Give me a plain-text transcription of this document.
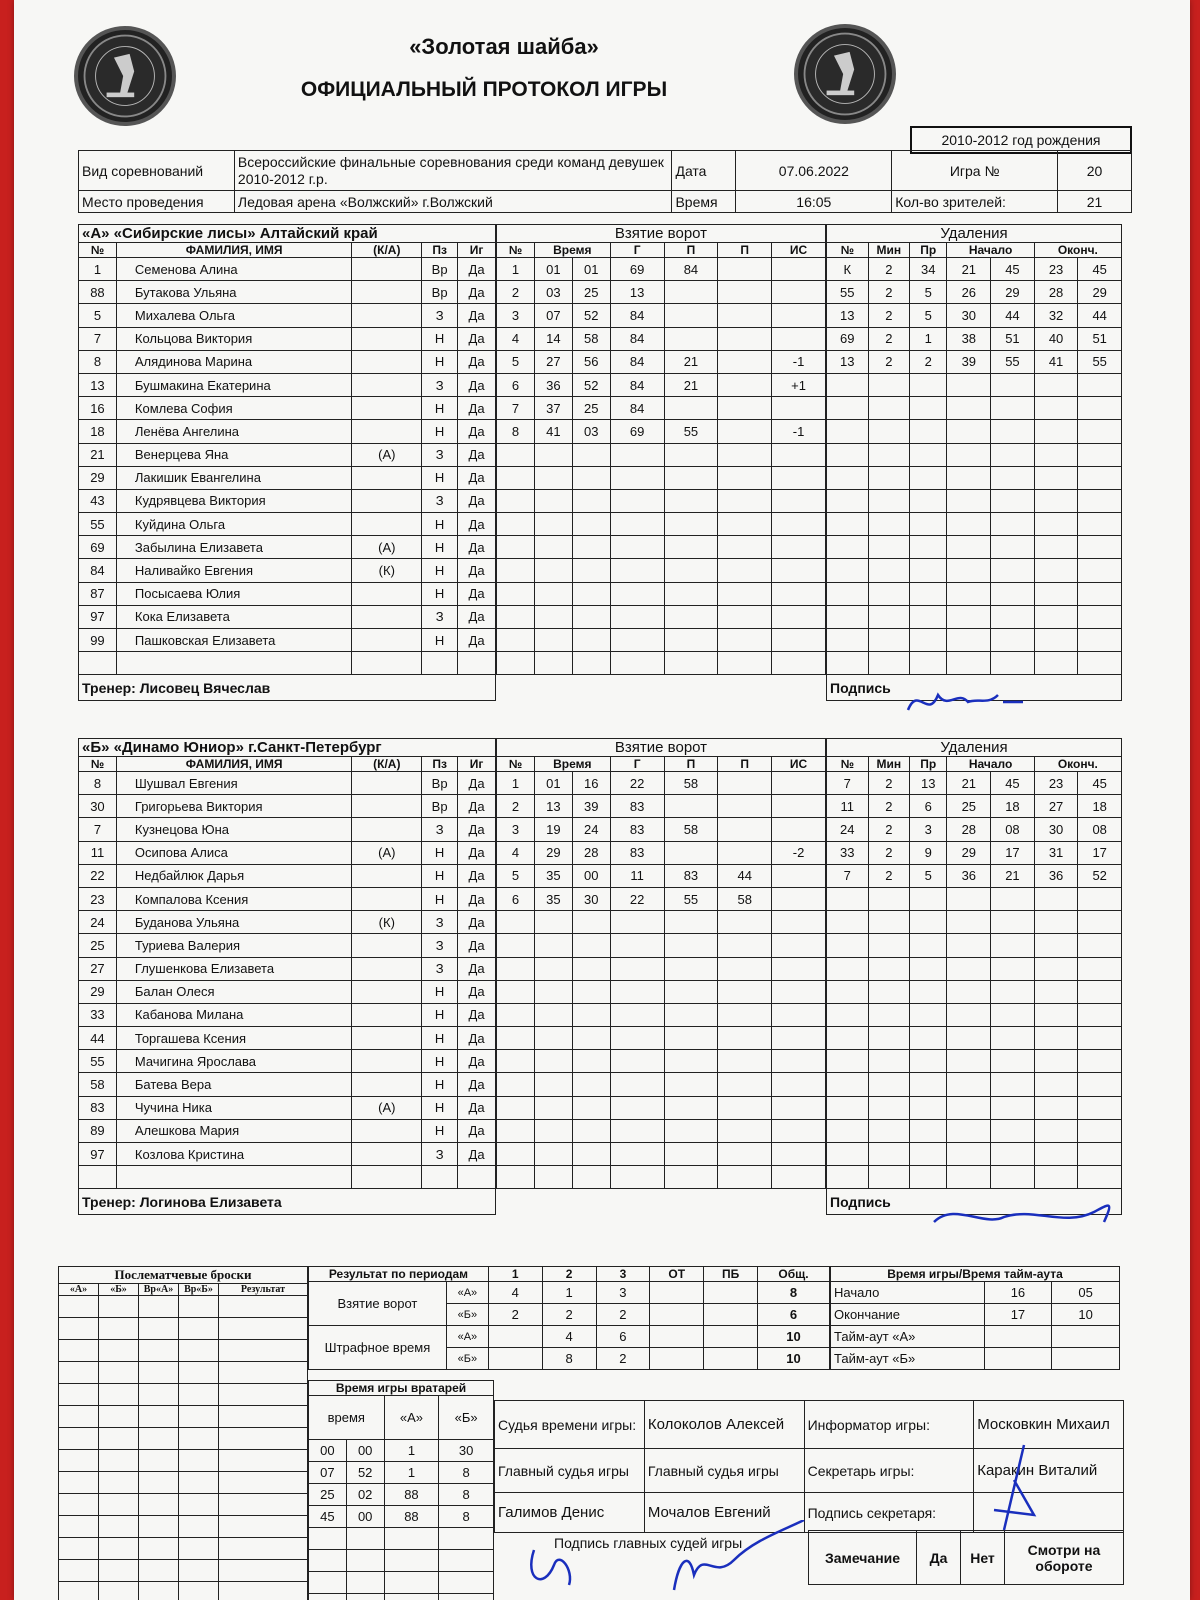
«Золотая шайба»
ОФИЦИАЛЬНЫЙ ПРОТОКОЛ ИГРЫ
2010-2012 год рождения
Вид соревнований	Всероссийские финальные соревнования среди команд девушек 2010-2012 г.р.	Дата	07.06.2022	Игра №	20
Место проведения	Ледовая арена «Волжский» г.Волжский	Время	16:05	Кол-во зрителей:	21
«А» «Сибирские лисы» Алтайский край				
№	ФАМИЛИЯ, ИМЯ	(К/А)	Пз	Иг
1	Семенова Алина		Вр	Да
88	Бутакова Ульяна		Вр	Да
5	Михалева Ольга		З	Да
7	Кольцова Виктория		Н	Да
8	Алядинова Марина		Н	Да
13	Бушмакина Екатерина		З	Да
16	Комлева София		Н	Да
18	Ленёва Ангелина		Н	Да
21	Венерцева Яна	(А)	З	Да
29	Лакишик Евангелина		Н	Да
43	Кудрявцева Виктория		З	Да
55	Куйдина Ольга		Н	Да
69	Забылина Елизавета	(А)	Н	Да
84	Наливайко Евгения	(К)	Н	Да
87	Посысаева Юлия		Н	Да
97	Кока Елизавета		З	Да
99	Пашковская Елизавета		Н	Да

Тренер: Лисовец Вячеслав				
Взятие ворот						
№	Время		Г	П	П	ИС
1	01	01	69	84		
2	03	25	13			
3	07	52	84			
4	14	58	84			
5	27	56	84	21		-1
6	36	52	84	21		+1
7	37	25	84			
8	41	03	69	55		-1

Удаления						
№	Мин	Пр	Начало		Оконч.	
К	2	34	21	45	23	45
55	2	5	26	29	28	29
13	2	5	30	44	32	44
69	2	1	38	51	40	51
13	2	2	39	55	41	55

Подпись						
«Б» «Динамо Юниор» г.Санкт-Петербург				
№	ФАМИЛИЯ, ИМЯ	(К/А)	Пз	Иг
8	Шушвал Евгения		Вр	Да
30	Григорьева Виктория		Вр	Да
7	Кузнецова Юна		З	Да
11	Осипова Алиса	(А)	Н	Да
22	Недбайлюк Дарья		Н	Да
23	Компалова Ксения		Н	Да
24	Буданова Ульяна	(К)	З	Да
25	Туриева Валерия		З	Да
27	Глушенкова Елизавета		З	Да
29	Балан Олеся		Н	Да
33	Кабанова Милана		Н	Да
44	Торгашева Ксения		Н	Да
55	Мачигина Ярослава		Н	Да
58	Батева Вера		Н	Да
83	Чучина Ника	(А)	Н	Да
89	Алешкова Мария		Н	Да
97	Козлова Кристина		З	Да

Тренер: Логинова Елизавета				
Взятие ворот						
№	Время		Г	П	П	ИС
1	01	16	22	58		
2	13	39	83			
3	19	24	83	58		
4	29	28	83			-2
5	35	00	11	83	44	
6	35	30	22	55	58	

Удаления						
№	Мин	Пр	Начало		Оконч.	
7	2	13	21	45	23	45
11	2	6	25	18	27	18
24	2	3	28	08	30	08
33	2	9	29	17	31	17
7	2	5	36	21	36	52

Подпись						
Послематчевые броски				
«А»	«Б»	Вр«А»	Вр«Б»	Результат

Результат по периодам		1	2	3	ОТ	ПБ	Общ.
Взятие ворот	«А»	4	1	3			8
	«Б»	2	2	2			6
Штрафное время	«А»		4	6			10
	«Б»		8	2			10
Время игры/Время тайм-аута		
Начало	16	05
Окончание	17	10
Тайм-аут «А»		
Тайм-аут «Б»		
Время игры вратарей			
время		«А»	«Б»
00	00	1	30
07	52	1	8
25	02	88	8
45	00	88	8

Судья времени игры:	Колоколов Алексей	Информатор игры:	Московкин Михаил
Главный судья игры	Главный судья игры	Секретарь игры:	Каракин Виталий
Галимов Денис	Мочалов Евгений	Подпись секретаря:	
Подпись главных судей игры
Замечание	Да	Нет	Смотри на обороте
